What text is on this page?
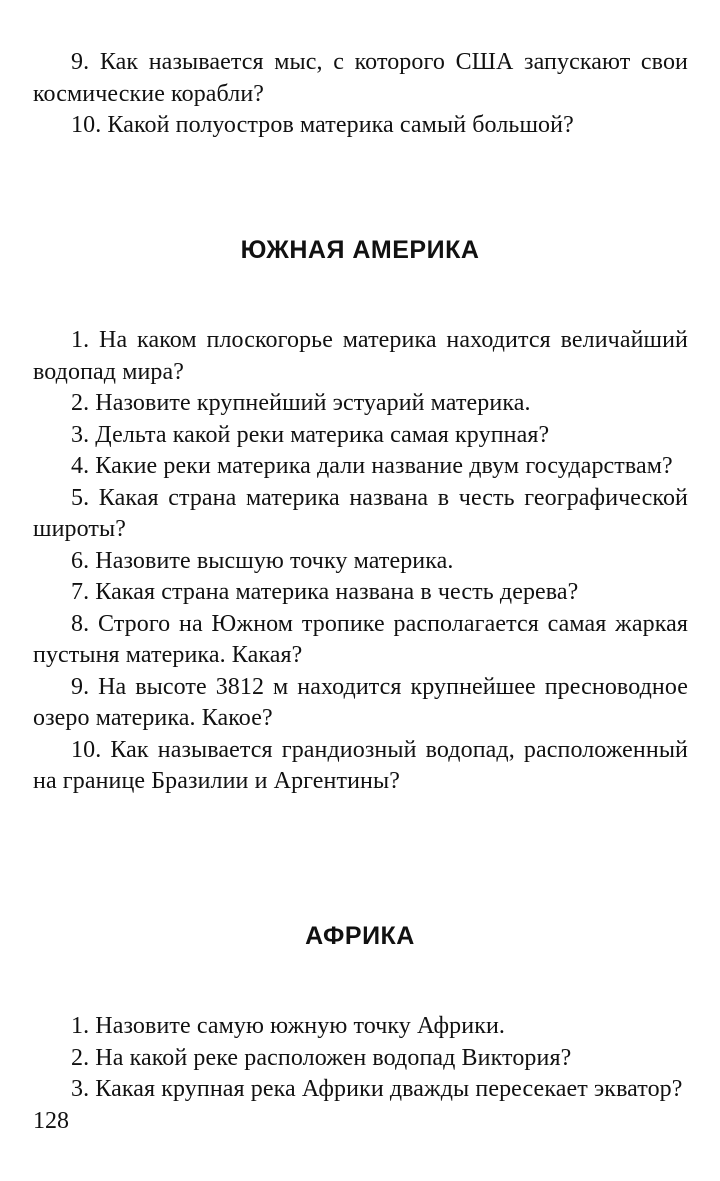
9. Как называется мыс, с которого США запускают свои космические корабли?

10. Какой полуостров материка самый большой?

ЮЖНАЯ АМЕРИКА

1. На каком плоскогорье материка находится величайший водопад мира?

2. Назовите крупнейший эстуарий материка.

3. Дельта какой реки материка самая крупная?

4. Какие реки материка дали название двум государствам?

5. Какая страна материка названа в честь географической широты?

6. Назовите высшую точку материка.

7. Какая страна материка названа в честь дерева?

8. Строго на Южном тропике располагается самая жаркая пустыня материка. Какая?

9. На высоте 3812 м находится крупнейшее пресноводное озеро материка. Какое?

10. Как называется грандиозный водопад, расположенный на границе Бразилии и Аргентины?

АФРИКА

1. Назовите самую южную точку Африки.

2. На какой реке расположен водопад Виктория?

3. Какая крупная река Африки дважды пересекает экватор?

128
